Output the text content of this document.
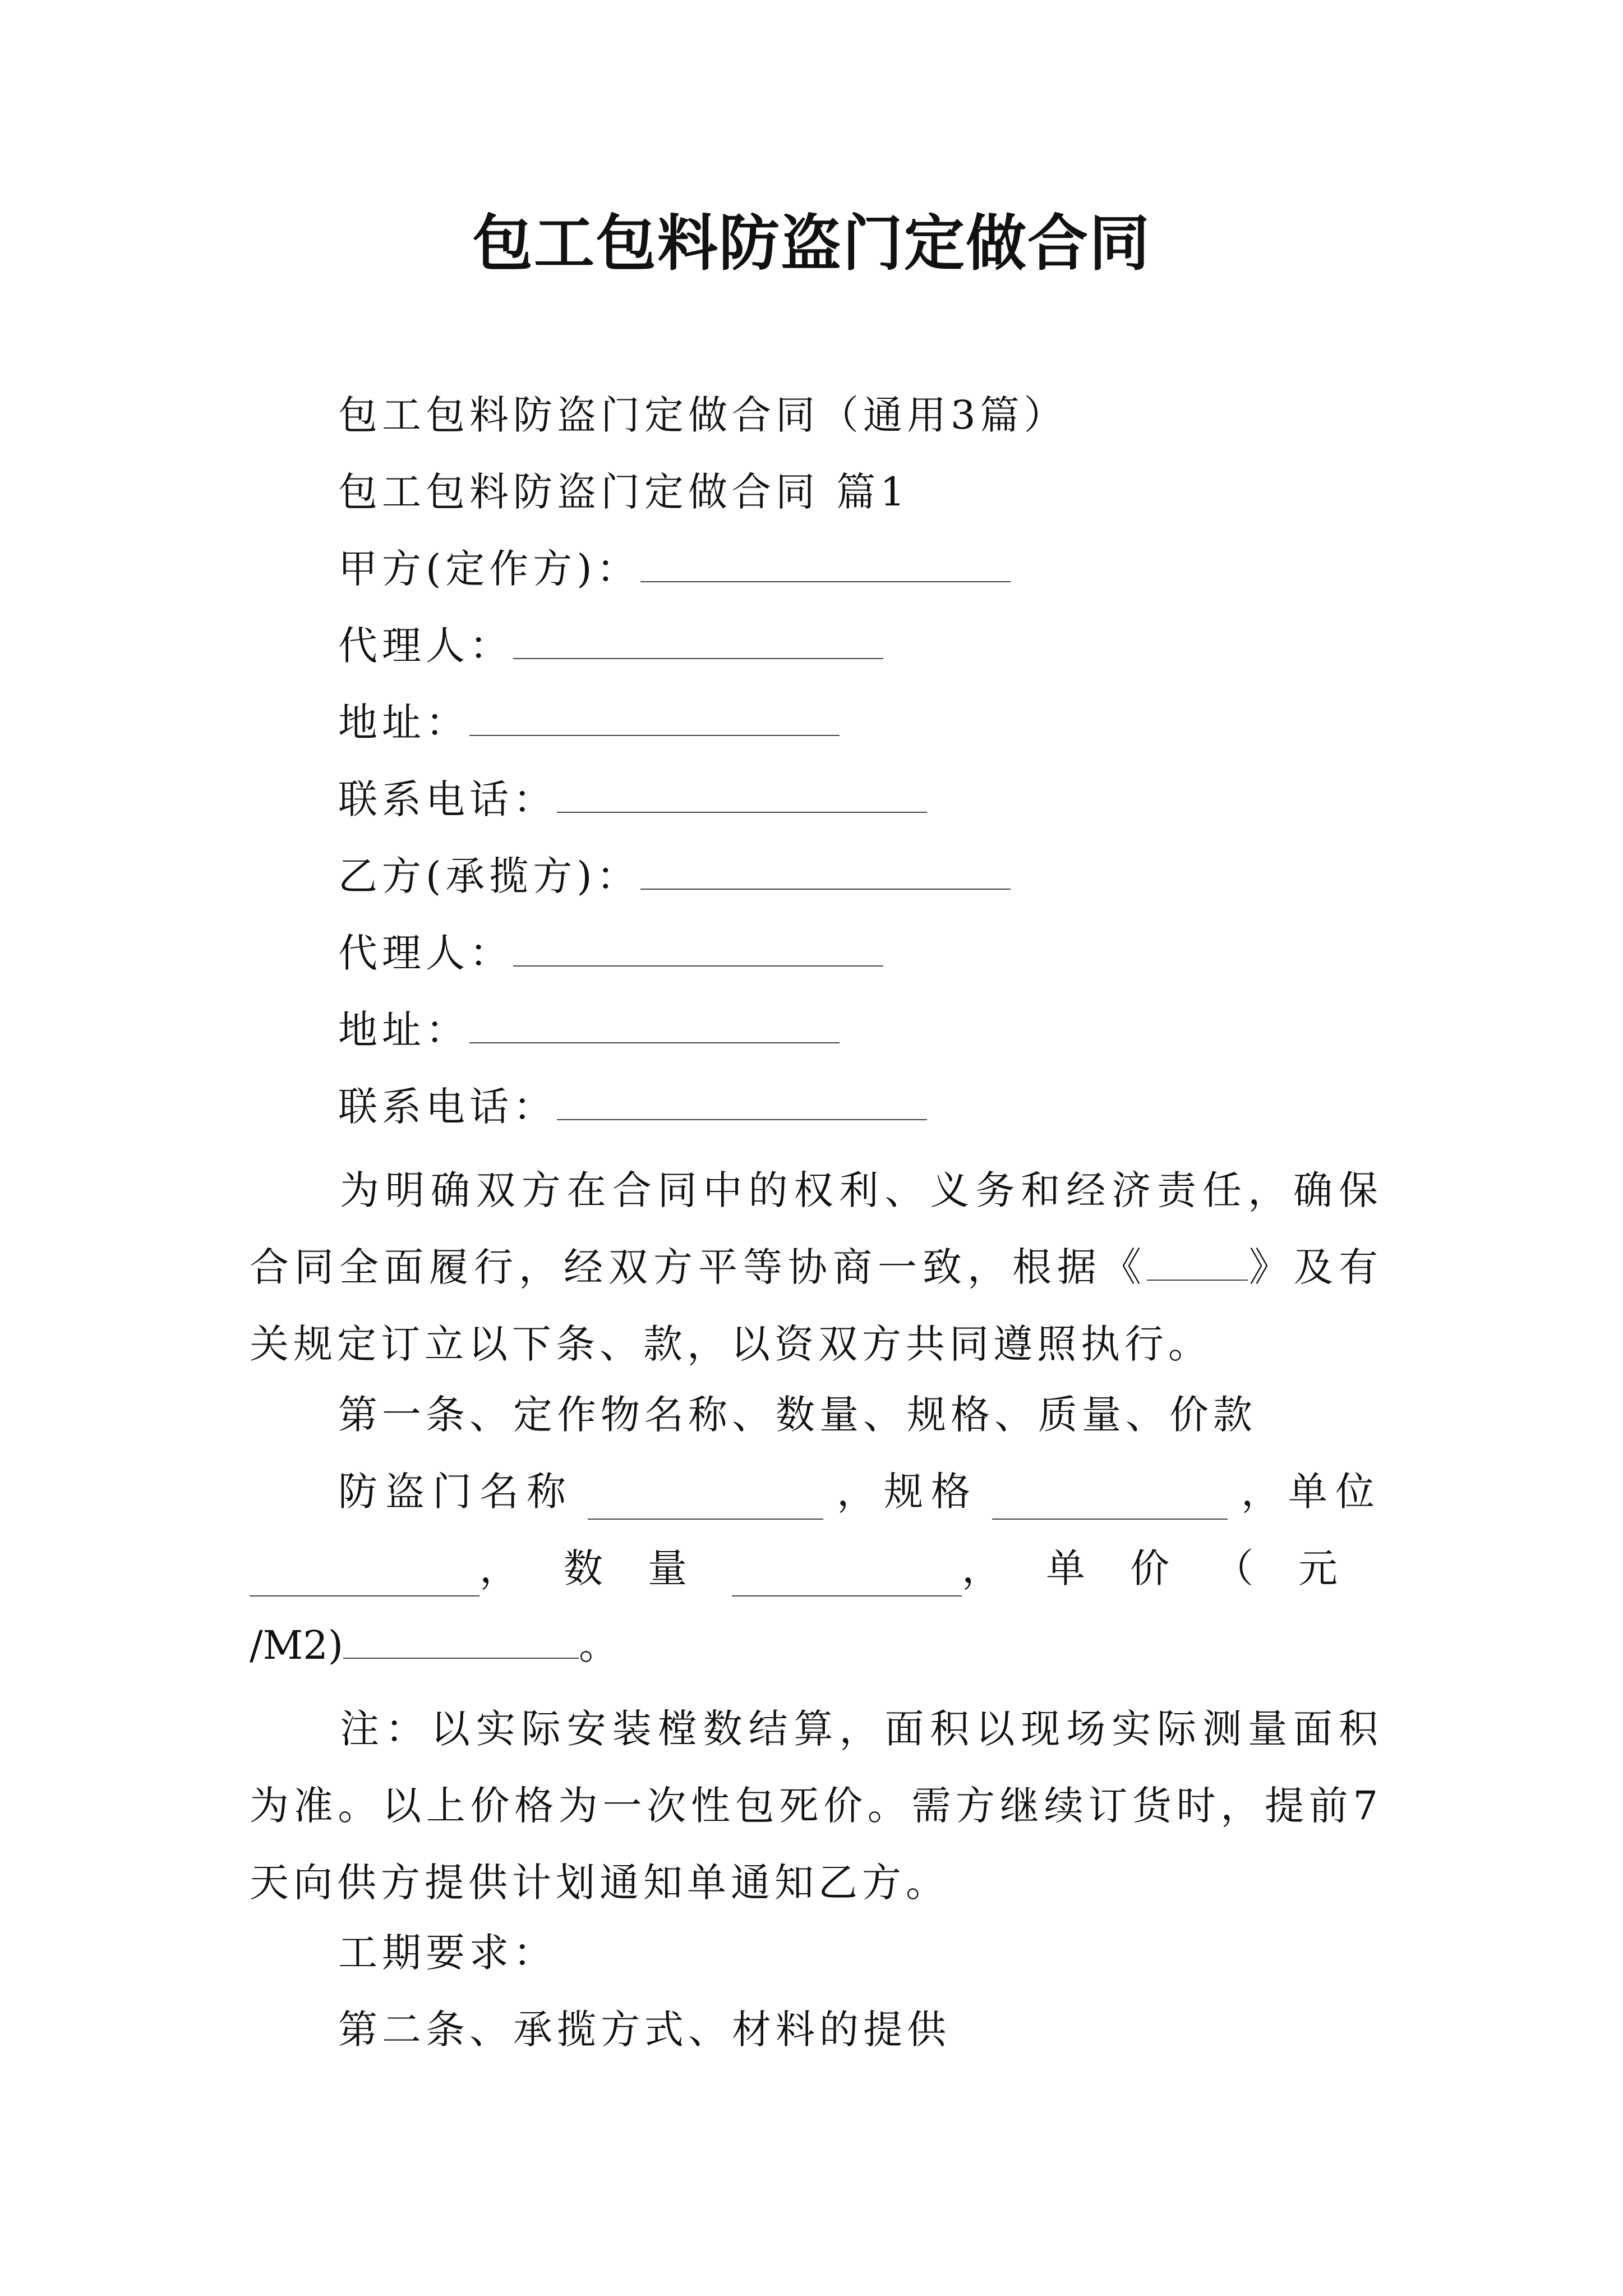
包工包料防盗门定做合同
包工包料防盗门定做合同（通用3篇）
包工包料防盗门定做合同 篇1
甲方(定作方)：
代理人：
地址：
联系电话：
乙方(承揽方)：
代理人：
地址：
联系电话：
为明确双方在合同中的权利、义务和经济责任，确保合同全面履行，经双方平等协商一致，根据《	》及有关规定订立以下条、款，以资双方共同遵照执行。
第一条、定作物名称、数量、规格、质量、价款
防盗门名称	，规格	，单位
，数量	，单价（元
/M2)	。
注：以实际安装樘数结算，面积以现场实际测量面积为准。以上价格为一次性包死价。需方继续订货时，提前7天向供方提供计划通知单通知乙方。
工期要求：
第二条、承揽方式、材料的提供
